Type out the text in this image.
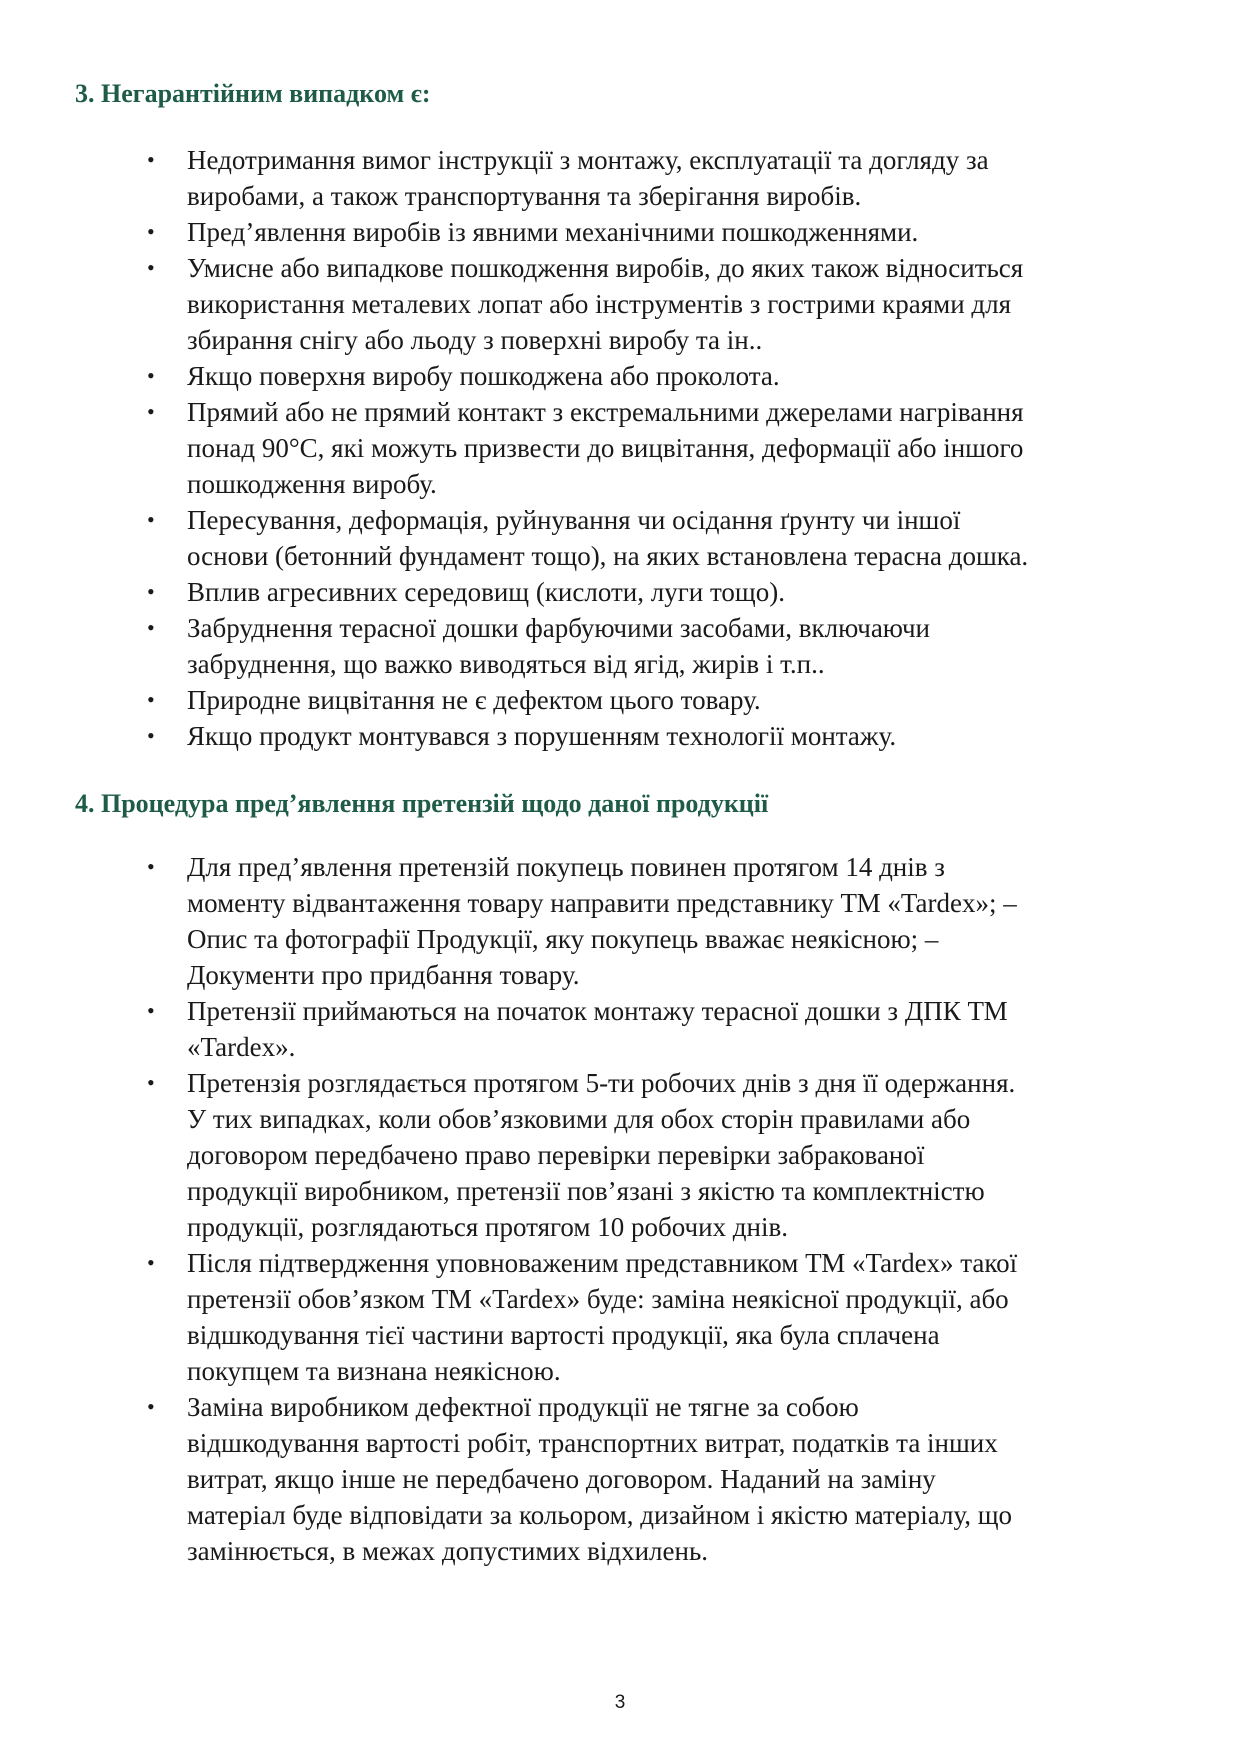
3. Негарантійним випадком є:
•	Недотримання вимог інструкції з монтажу, експлуатації та догляду за
виробами, а також транспортування та зберігання виробів.
•	Пред’явлення виробів із явними механічними пошкодженнями.
•	Умисне або випадкове пошкодження виробів, до яких також відноситься
використання металевих лопат або інструментів з гострими краями для
збирання снігу або льоду з поверхні виробу та ін..
•	Якщо поверхня виробу пошкоджена або проколота.
•	Прямий або не прямий контакт з екстремальними джерелами нагрівання
понад 90°С, які можуть призвести до вицвітання, деформації або іншого
пошкодження виробу.
•	Пересування, деформація, руйнування чи осідання ґрунту чи іншої
основи (бетонний фундамент тощо), на яких встановлена терасна дошка.
•	Вплив агресивних середовищ (кислоти, луги тощо).
•	Забруднення терасної дошки фарбуючими засобами, включаючи
забруднення, що важко виводяться від ягід, жирів і т.п..
•	Природне вицвітання не є дефектом цього товару.
•	Якщо продукт монтувався з порушенням технології монтажу.
4. Процедура пред’явлення претензій щодо даної продукції
•	Для пред’явлення претензій покупець повинен протягом 14 днів з
моменту відвантаження товару направити представнику ТМ «Tardex»; –
Опис та фотографії Продукції, яку покупець вважає неякісною; –
Документи про придбання товару.
•	Претензії приймаються на початок монтажу терасної дошки з ДПК ТМ
«Tardex».
•	Претензія розглядається протягом 5-ти робочих днів з дня її одержання.
У тих випадках, коли обов’язковими для обох сторін правилами або
договором передбачено право перевірки перевірки забракованої
продукції виробником, претензії пов’язані з якістю та комплектністю
продукції, розглядаються протягом 10 робочих днів.
•	Після підтвердження уповноваженим представником ТМ «Tardex» такої
претензії обов’язком ТМ «Tardex» буде: заміна неякісної продукції, або
відшкодування тієї частини вартості продукції, яка була сплачена
покупцем та визнана неякісною.
•	Заміна виробником дефектної продукції не тягне за собою
відшкодування вартості робіт, транспортних витрат, податків та інших
витрат, якщо інше не передбачено договором. Наданий на заміну
матеріал буде відповідати за кольором, дизайном і якістю матеріалу, що
замінюється, в межах допустимих відхилень.
3
